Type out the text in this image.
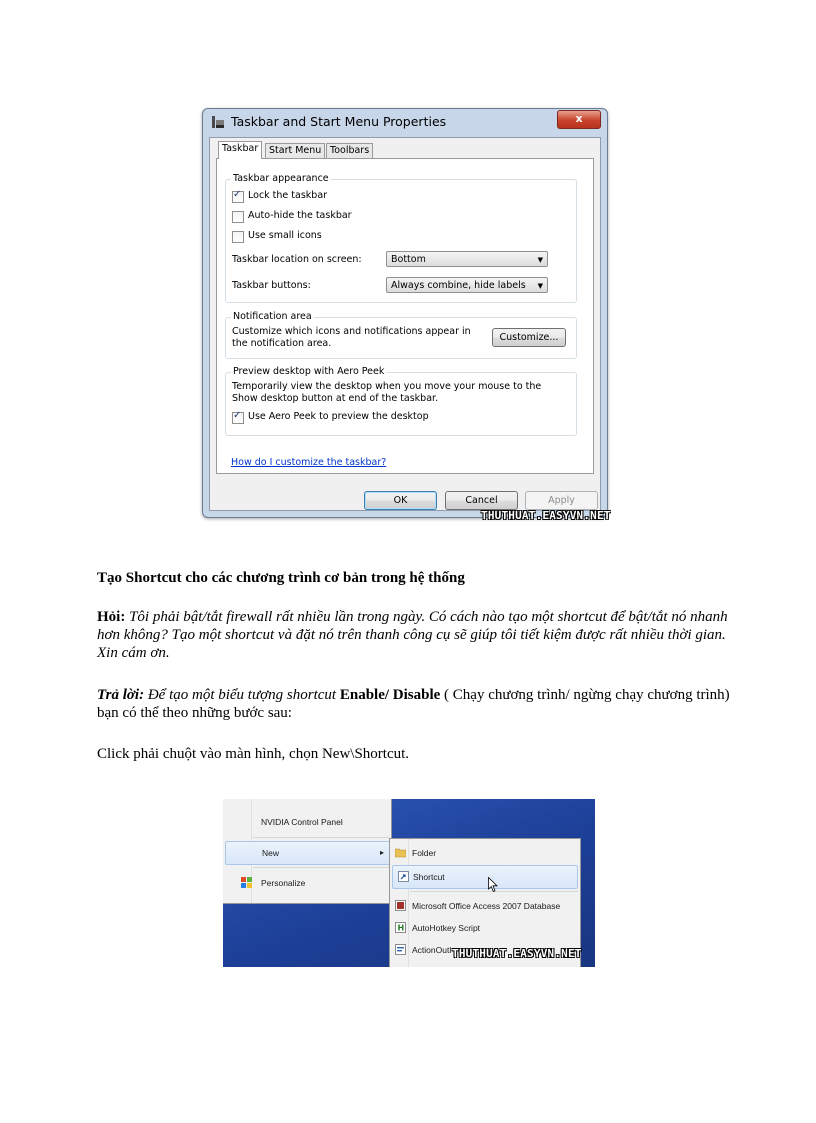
Taskbar and Start Menu Properties	x
Taskbar	Start Menu Toolbars
Taskbar appearance
✓
Lock the taskbar
Auto-hide the taskbar
Use small icons
Taskbar location on screen:	Bottom	▼
Taskbar buttons:	Always combine, hide labels ▼
Notification area
Customize which icons and notifications appear in
the notification area.
Customize...
Preview desktop with Aero Peek
Temporarily view the desktop when you move your mouse to the
Show desktop button at end of the taskbar.
✓
Use Aero Peek to preview the desktop
How do I customize the taskbar?
OK	Cancel	Apply
THUTHUAT.EASYVN.NET
Tạo Shortcut cho các chương trình cơ bản trong hệ thống
Hỏi: Tôi phải bật/tắt firewall rất nhiều lần trong ngày. Có cách nào tạo một shortcut để bật/tắt nó nhanh hơn không? Tạo một shortcut và đặt nó trên thanh công cụ sẽ giúp tôi tiết kiệm được rất nhiều thời gian. Xin cám ơn.
Trả lời: Để tạo một biểu tượng shortcut Enable/ Disable ( Chạy chương trình/ ngừng chạy chương trình) bạn có thể theo những bước sau:
Click phải chuột vào màn hình, chọn New\Shortcut.
NVIDIA Control Panel
New	▸
Personalize
Folder
Shortcut
Microsoft Office Access 2007 Database
H AutoHotkey Script
ActionOutl THUTHUAT.EASYVN.NET
